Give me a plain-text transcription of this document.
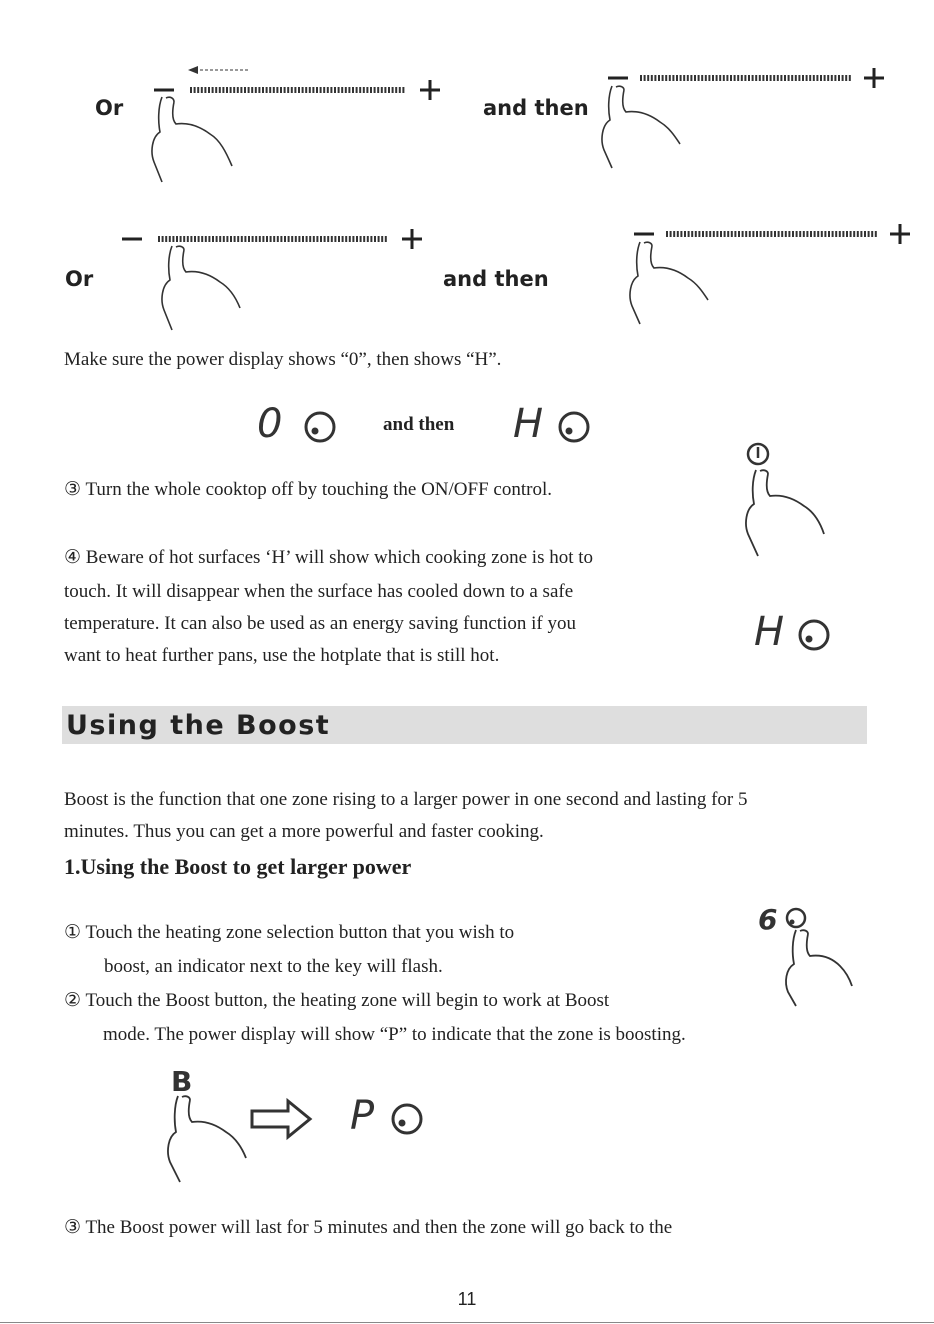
Or	and then
Or	and then
Make sure the power display shows “0”, then shows “H”.
0	and then H
③ Turn the whole cooktop off by touching the ON/OFF control.
④ Beware of hot surfaces ‘H’ will show which cooking zone is hot to
touch. It will disappear when the surface has cooled down to a safe
temperature. It can also be used as an energy saving function if you
want to heat further pans, use the hotplate that is still hot.
H
Using the Boost
Boost is the function that one zone rising to a larger power in one second and lasting for 5
minutes. Thus you can get a more powerful and faster cooking.
1.Using the Boost to get larger power
① Touch the heating zone selection button that you wish to
boost, an indicator next to the key will flash.
② Touch the Boost button, the heating zone will begin to work at Boost
mode. The power display will show “P” to indicate that the zone is boosting.
6
B
P
③ The Boost power will last for 5 minutes and then the zone will go back to the
11
